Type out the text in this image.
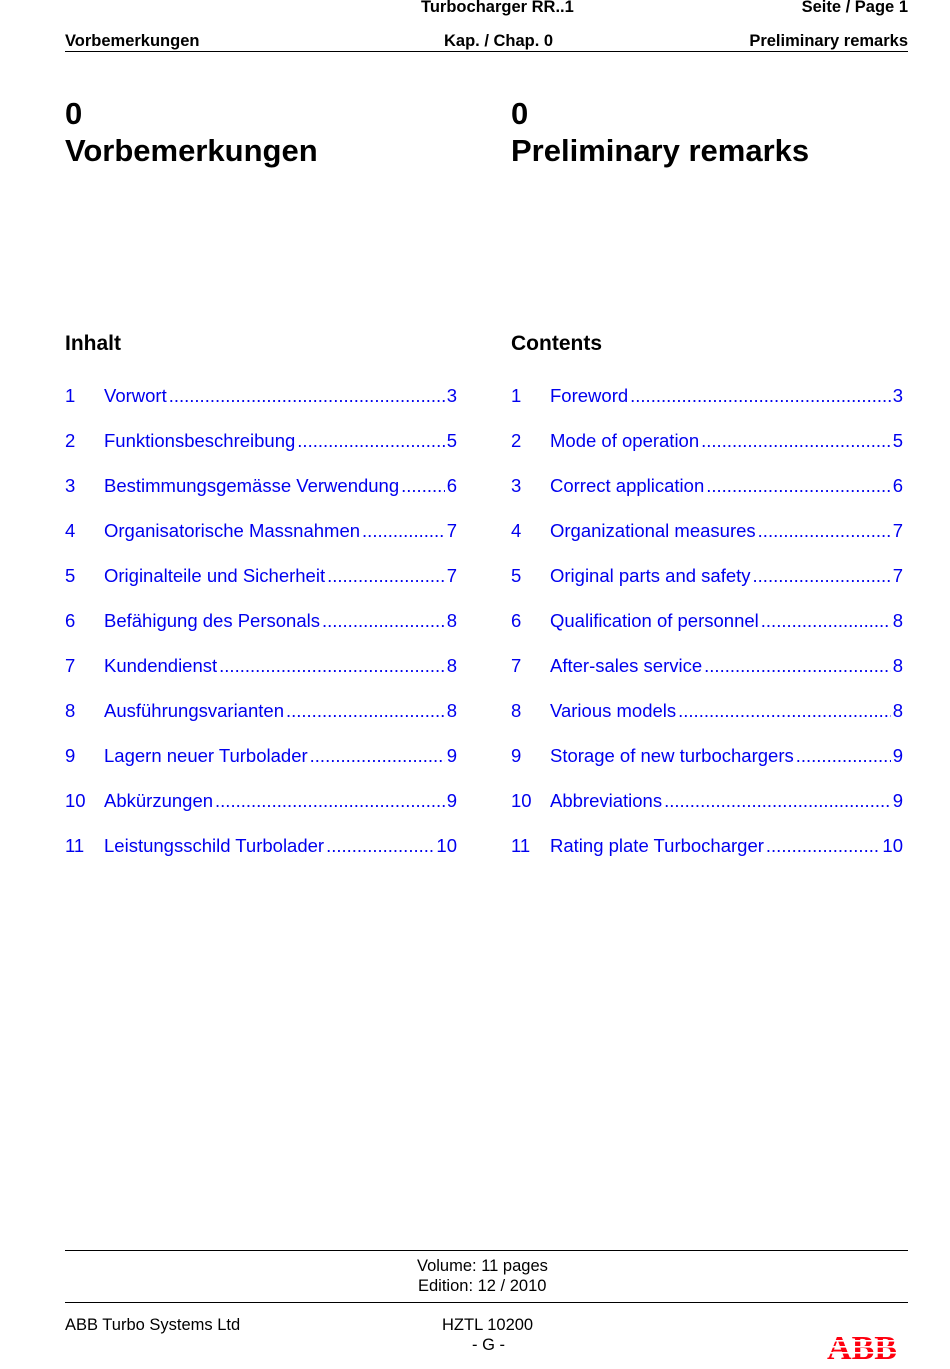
Turbocharger RR..1	Seite / Page 1
Vorbemerkungen	Kap. / Chap. 0	Preliminary remarks
0
Vorbemerkungen
0
Preliminary remarks
Inhalt	Contents
1	Vorwort .....	3
2	Funktionsbeschreibung .....	5
3	Bestimmungsgemässe Verwendung .....	6
4	Organisatorische Massnahmen .....	7
5	Originalteile und Sicherheit .....	7
6	Befähigung des Personals .....	8
7	Kundendienst .....	8
8	Ausführungsvarianten .....	8
9	Lagern neuer Turbolader .....	9
10 Abkürzungen .....	9
11	Leistungsschild Turbolader .....	10
1	Foreword .....	3
2	Mode of operation .....	5
3	Correct application .....	6
4	Organizational measures .....	7
5	Original parts and safety .....	7
6	Qualification of personnel .....	8
7	After-sales service .....	8
8	Various models .....	8
9	Storage of new turbochargers .....	9
10 Abbreviations .....	9
11	Rating plate Turbocharger .....	10
Volume: 11 pages
Edition: 12 / 2010
ABB Turbo Systems Ltd	HZTL 10200
- G -
